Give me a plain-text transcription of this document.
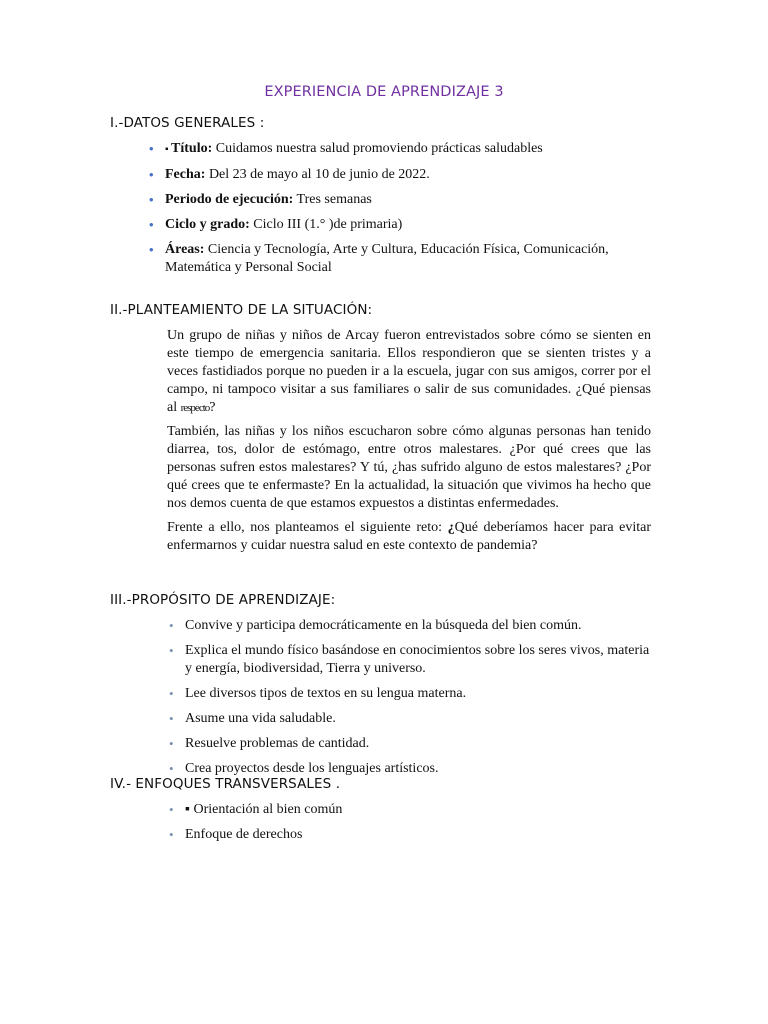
EXPERIENCIA DE APRENDIZAJE 3
I.-DATOS GENERALES :
• ▪ Título: Cuidamos nuestra salud promoviendo prácticas saludables
• Fecha: Del 23 de mayo al 10 de junio de 2022.
• Periodo de ejecución: Tres semanas
• Ciclo y grado: Ciclo III (1.° )de primaria)
• Áreas: Ciencia y Tecnología, Arte y Cultura, Educación Física, Comunicación, Matemática y Personal Social
II.-PLANTEAMIENTO DE LA SITUACIÓN:

Un grupo de niñas y niños de Arcay fueron entrevistados sobre cómo se sienten en este tiempo de emergencia sanitaria. Ellos respondieron que se sienten tristes y a veces fastidiados porque no pueden ir a la escuela, jugar con sus amigos, correr por el campo, ni tampoco visitar a sus familiares o salir de sus comunidades. ¿Qué piensas al respecto?

También, las niñas y los niños escucharon sobre cómo algunas personas han tenido diarrea, tos, dolor de estómago, entre otros malestares. ¿Por qué crees que las personas sufren estos malestares? Y tú, ¿has sufrido alguno de estos malestares? ¿Por qué crees que te enfermaste? En la actualidad, la situación que vivimos ha hecho que nos demos cuenta de que estamos expuestos a distintas enfermedades.

Frente a ello, nos planteamos el siguiente reto: ¿Qué deberíamos hacer para evitar enfermarnos y cuidar nuestra salud en este contexto de pandemia?

III.-PROPÓSITO DE APRENDIZAJE:
• Convive y participa democráticamente en la búsqueda del bien común.
• Explica el mundo físico basándose en conocimientos sobre los seres vivos, materia y energía, biodiversidad, Tierra y universo.
• Lee diversos tipos de textos en su lengua materna.
• Asume una vida saludable.
• Resuelve problemas de cantidad.
• Crea proyectos desde los lenguajes artísticos.
IV.- ENFOQUES TRANSVERSALES .
• ▪ Orientación al bien común
• Enfoque de derechos
